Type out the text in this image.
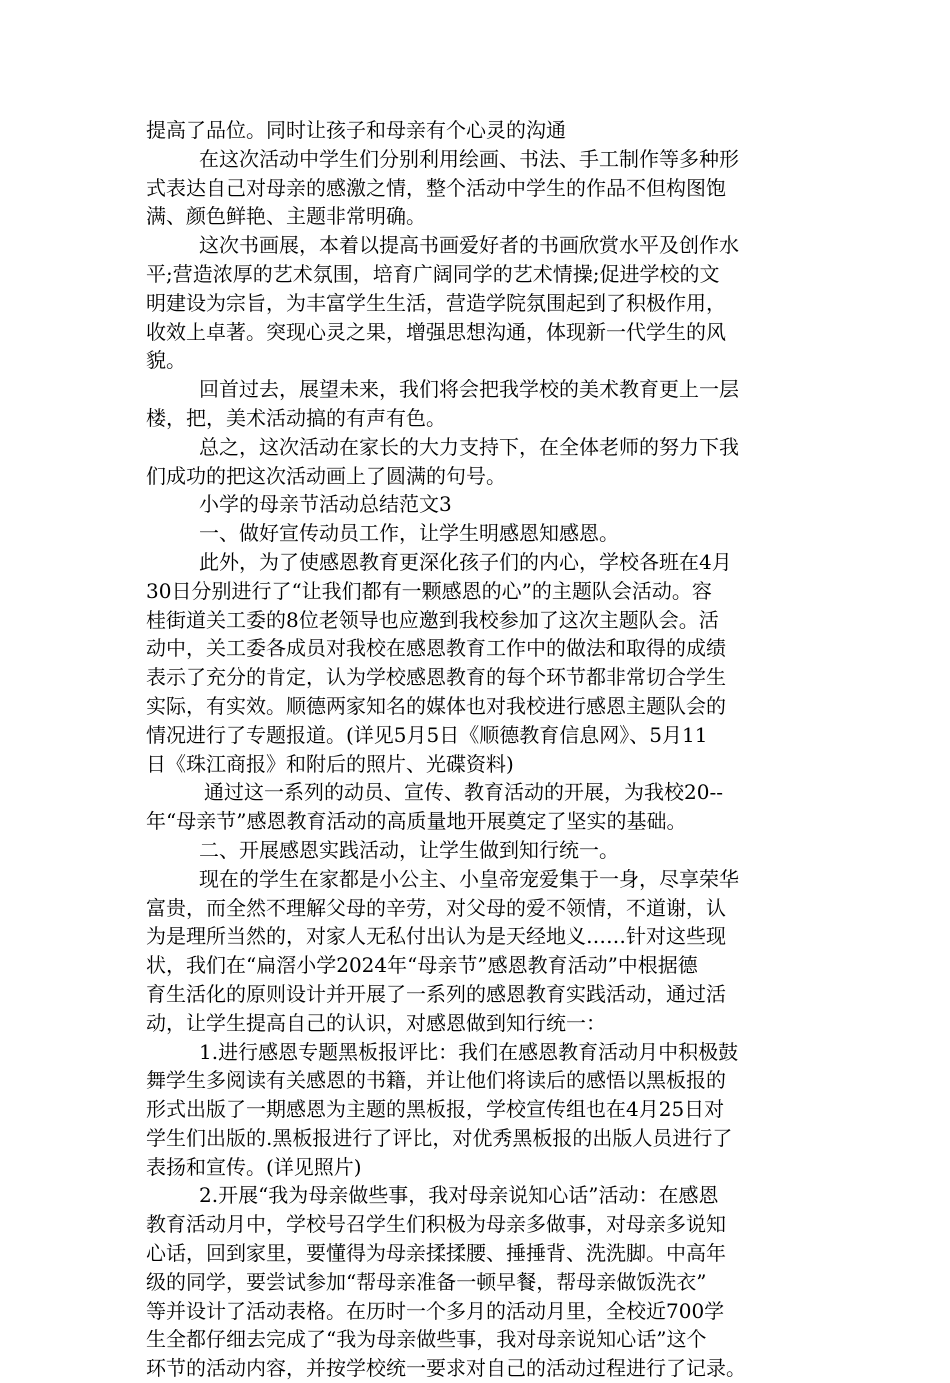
提高了品位。同时让孩子和母亲有个心灵的沟通
在这次活动中学生们分别利用绘画、书法、手工制作等多种形
式表达自己对母亲的感激之情，整个活动中学生的作品不但构图饱
满、颜色鲜艳、主题非常明确。
这次书画展，本着以提高书画爱好者的书画欣赏水平及创作水
平;营造浓厚的艺术氛围，培育广阔同学的艺术情操;促进学校的文
明建设为宗旨，为丰富学生生活，营造学院氛围起到了积极作用，
收效上卓著。突现心灵之果，增强思想沟通，体现新一代学生的风
貌。
回首过去，展望未来，我们将会把我学校的美术教育更上一层
楼，把，美术活动搞的有声有色。
总之，这次活动在家长的大力支持下，在全体老师的努力下我
们成功的把这次活动画上了圆满的句号。
小学的母亲节活动总结范文3
一、做好宣传动员工作，让学生明感恩知感恩。
此外，为了使感恩教育更深化孩子们的内心，学校各班在4月
30日分别进行了“让我们都有一颗感恩的心”的主题队会活动。容
桂街道关工委的8位老领导也应邀到我校参加了这次主题队会。活
动中，关工委各成员对我校在感恩教育工作中的做法和取得的成绩
表示了充分的肯定，认为学校感恩教育的每个环节都非常切合学生
实际，有实效。顺德两家知名的媒体也对我校进行感恩主题队会的
情况进行了专题报道。(详见5月5日《顺德教育信息网》、5月11
日《珠江商报》和附后的照片、光碟资料)
通过这一系列的动员、宣传、教育活动的开展，为我校20--
年“母亲节”感恩教育活动的高质量地开展奠定了坚实的基础。
二、开展感恩实践活动，让学生做到知行统一。
现在的学生在家都是小公主、小皇帝宠爱集于一身，尽享荣华
富贵，而全然不理解父母的辛劳，对父母的爱不领情，不道谢，认
为是理所当然的，对家人无私付出认为是天经地义……针对这些现
状，我们在“扁滘小学2024年“母亲节”感恩教育活动”中根据德
育生活化的原则设计并开展了一系列的感恩教育实践活动，通过活
动，让学生提高自己的认识，对感恩做到知行统一：
1.进行感恩专题黑板报评比：我们在感恩教育活动月中积极鼓
舞学生多阅读有关感恩的书籍，并让他们将读后的感悟以黑板报的
形式出版了一期感恩为主题的黑板报，学校宣传组也在4月25日对
学生们出版的.黑板报进行了评比，对优秀黑板报的出版人员进行了
表扬和宣传。(详见照片)
2.开展“我为母亲做些事，我对母亲说知心话”活动：在感恩
教育活动月中，学校号召学生们积极为母亲多做事，对母亲多说知
心话，回到家里，要懂得为母亲揉揉腰、捶捶背、洗洗脚。中高年
级的同学，要尝试参加“帮母亲准备一顿早餐，帮母亲做饭洗衣”
等并设计了活动表格。在历时一个多月的活动月里，全校近700学
生全都仔细去完成了“我为母亲做些事，我对母亲说知心话”这个
环节的活动内容，并按学校统一要求对自己的活动过程进行了记录。
